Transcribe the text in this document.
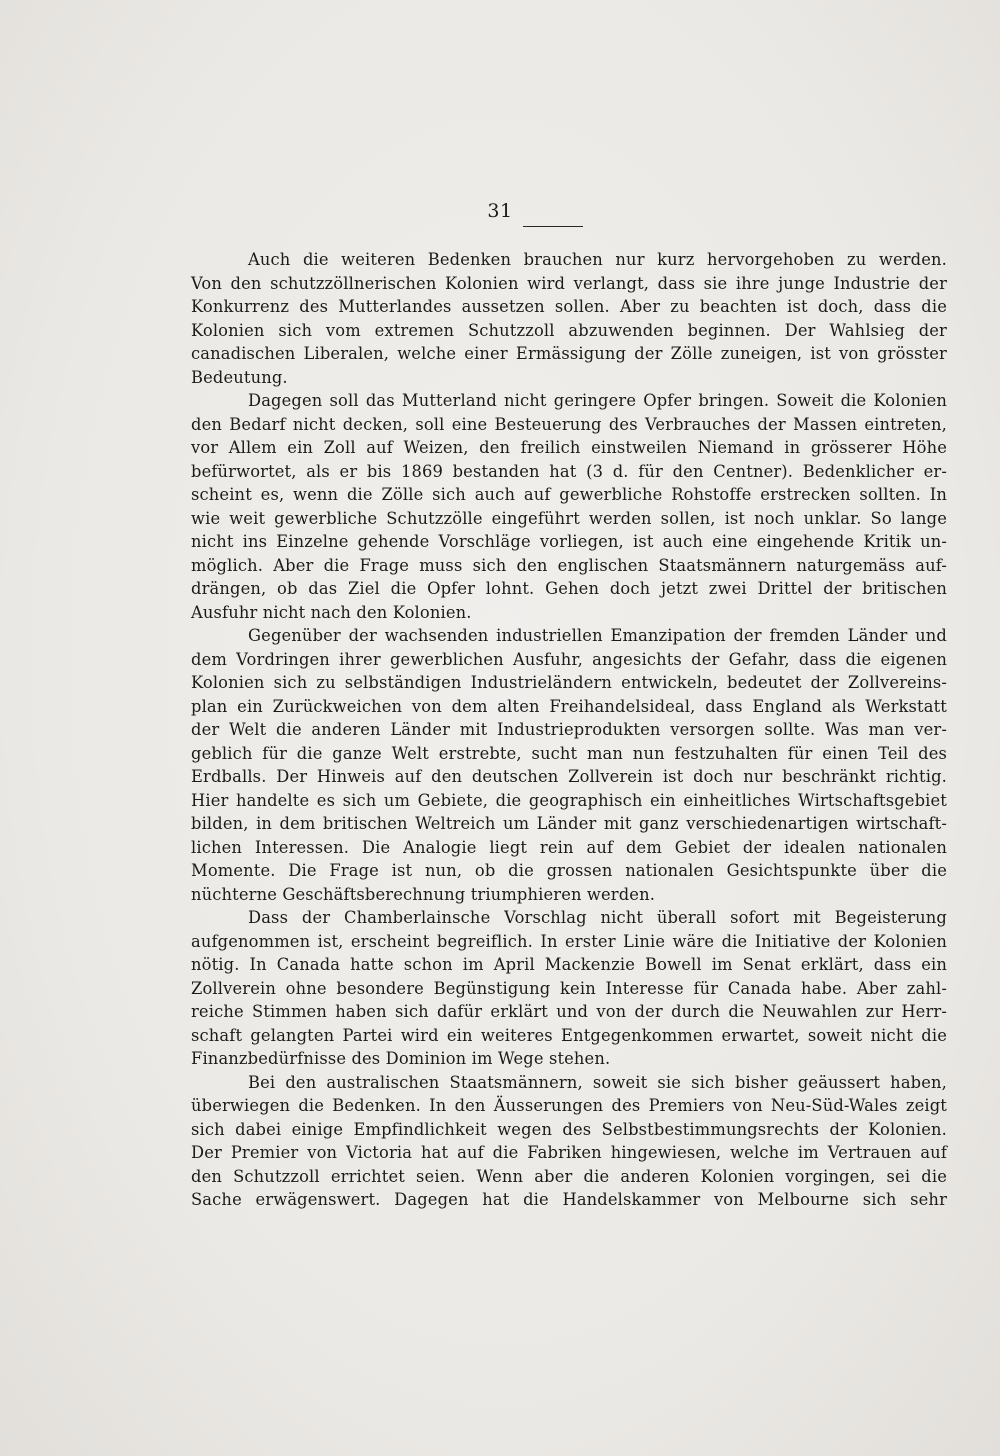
31
Auch die weiteren Bedenken brauchen nur kurz hervorgehoben zu werden.
Von den schutzzöllnerischen Kolonien wird verlangt, dass sie ihre junge Industrie der
Konkurrenz des Mutterlandes aussetzen sollen. Aber zu beachten ist doch, dass die
Kolonien sich vom extremen Schutzzoll abzuwenden beginnen. Der Wahlsieg der
canadischen Liberalen, welche einer Ermässigung der Zölle zuneigen, ist von grösster
Bedeutung.
Dagegen soll das Mutterland nicht geringere Opfer bringen. Soweit die Kolonien
den Bedarf nicht decken, soll eine Besteuerung des Verbrauches der Massen eintreten,
vor Allem ein Zoll auf Weizen, den freilich einstweilen Niemand in grösserer Höhe
befürwortet, als er bis 1869 bestanden hat (3 d. für den Centner). Bedenklicher er-
scheint es, wenn die Zölle sich auch auf gewerbliche Rohstoffe erstrecken sollten. In
wie weit gewerbliche Schutzzölle eingeführt werden sollen, ist noch unklar. So lange
nicht ins Einzelne gehende Vorschläge vorliegen, ist auch eine eingehende Kritik un-
möglich. Aber die Frage muss sich den englischen Staatsmännern naturgemäss auf-
drängen, ob das Ziel die Opfer lohnt. Gehen doch jetzt zwei Drittel der britischen
Ausfuhr nicht nach den Kolonien.
Gegenüber der wachsenden industriellen Emanzipation der fremden Länder und
dem Vordringen ihrer gewerblichen Ausfuhr, angesichts der Gefahr, dass die eigenen
Kolonien sich zu selbständigen Industrieländern entwickeln, bedeutet der Zollvereins-
plan ein Zurückweichen von dem alten Freihandelsideal, dass England als Werkstatt
der Welt die anderen Länder mit Industrieprodukten versorgen sollte. Was man ver-
geblich für die ganze Welt erstrebte, sucht man nun festzuhalten für einen Teil des
Erdballs. Der Hinweis auf den deutschen Zollverein ist doch nur beschränkt richtig.
Hier handelte es sich um Gebiete, die geographisch ein einheitliches Wirtschaftsgebiet
bilden, in dem britischen Weltreich um Länder mit ganz verschiedenartigen wirtschaft-
lichen Interessen. Die Analogie liegt rein auf dem Gebiet der idealen nationalen
Momente. Die Frage ist nun, ob die grossen nationalen Gesichtspunkte über die
nüchterne Geschäftsberechnung triumphieren werden.
Dass der Chamberlainsche Vorschlag nicht überall sofort mit Begeisterung
aufgenommen ist, erscheint begreiflich. In erster Linie wäre die Initiative der Kolonien
nötig. In Canada hatte schon im April Mackenzie Bowell im Senat erklärt, dass ein
Zollverein ohne besondere Begünstigung kein Interesse für Canada habe. Aber zahl-
reiche Stimmen haben sich dafür erklärt und von der durch die Neuwahlen zur Herr-
schaft gelangten Partei wird ein weiteres Entgegenkommen erwartet, soweit nicht die
Finanzbedürfnisse des Dominion im Wege stehen.
Bei den australischen Staatsmännern, soweit sie sich bisher geäussert haben,
überwiegen die Bedenken. In den Äusserungen des Premiers von Neu-Süd-Wales zeigt
sich dabei einige Empfindlichkeit wegen des Selbstbestimmungsrechts der Kolonien.
Der Premier von Victoria hat auf die Fabriken hingewiesen, welche im Vertrauen auf
den Schutzzoll errichtet seien. Wenn aber die anderen Kolonien vorgingen, sei die
Sache erwägenswert. Dagegen hat die Handelskammer von Melbourne sich sehr
